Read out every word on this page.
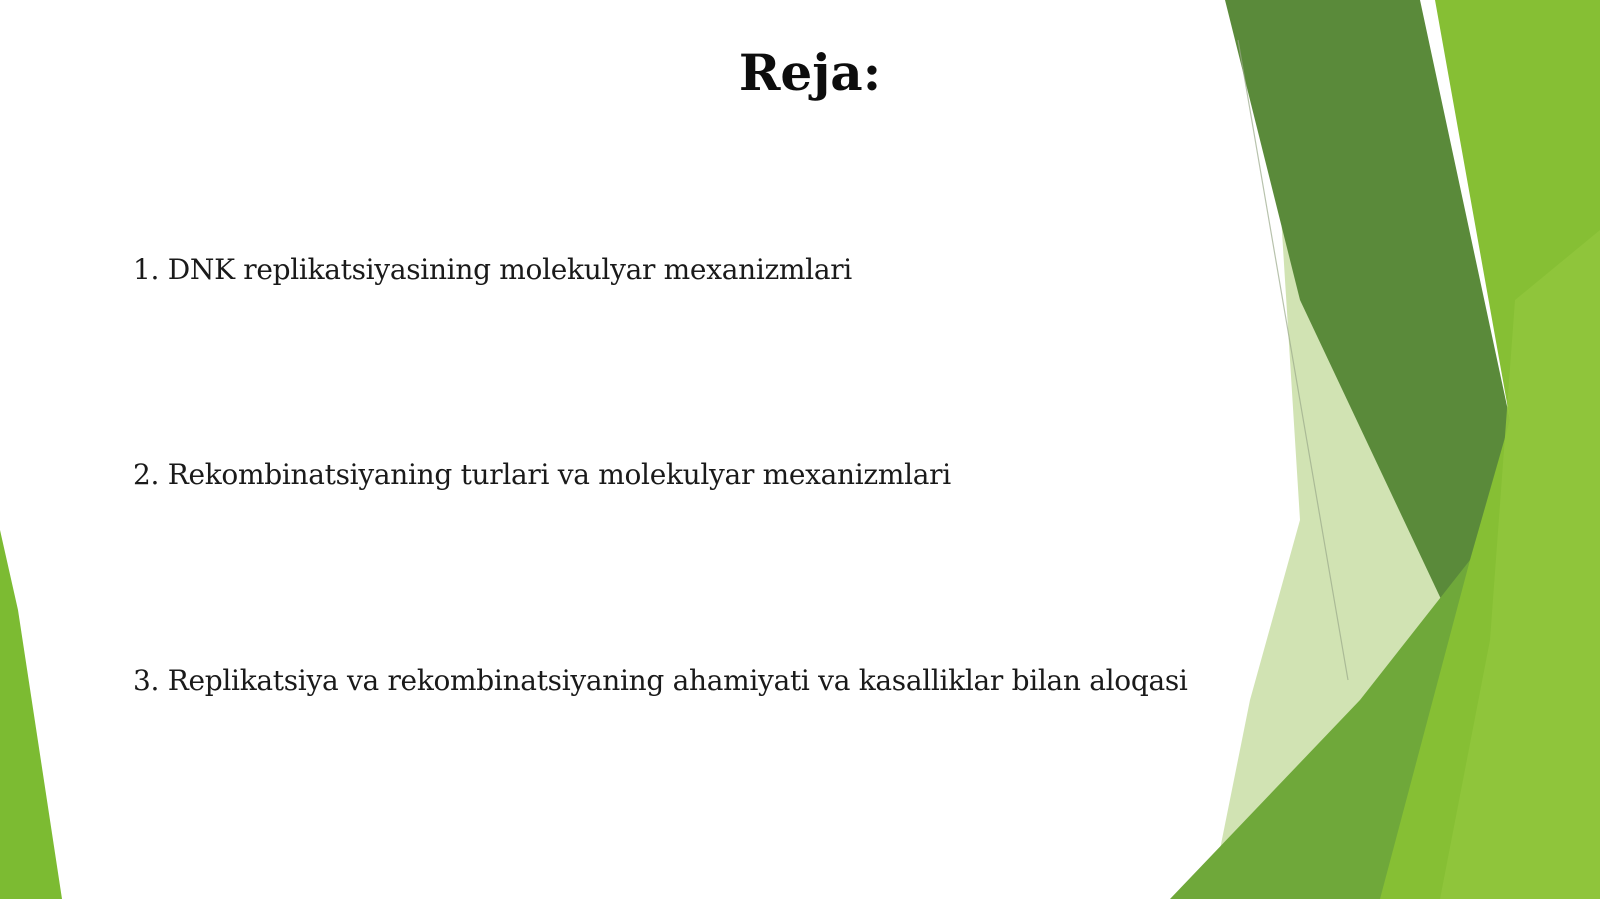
Reja:

1. DNK replikatsiyasining molekulyar mexanizmlari

2. Rekombinatsiyaning turlari va molekulyar mexanizmlari

3. Replikatsiya va rekombinatsiyaning ahamiyati va kasalliklar bilan aloqasi
